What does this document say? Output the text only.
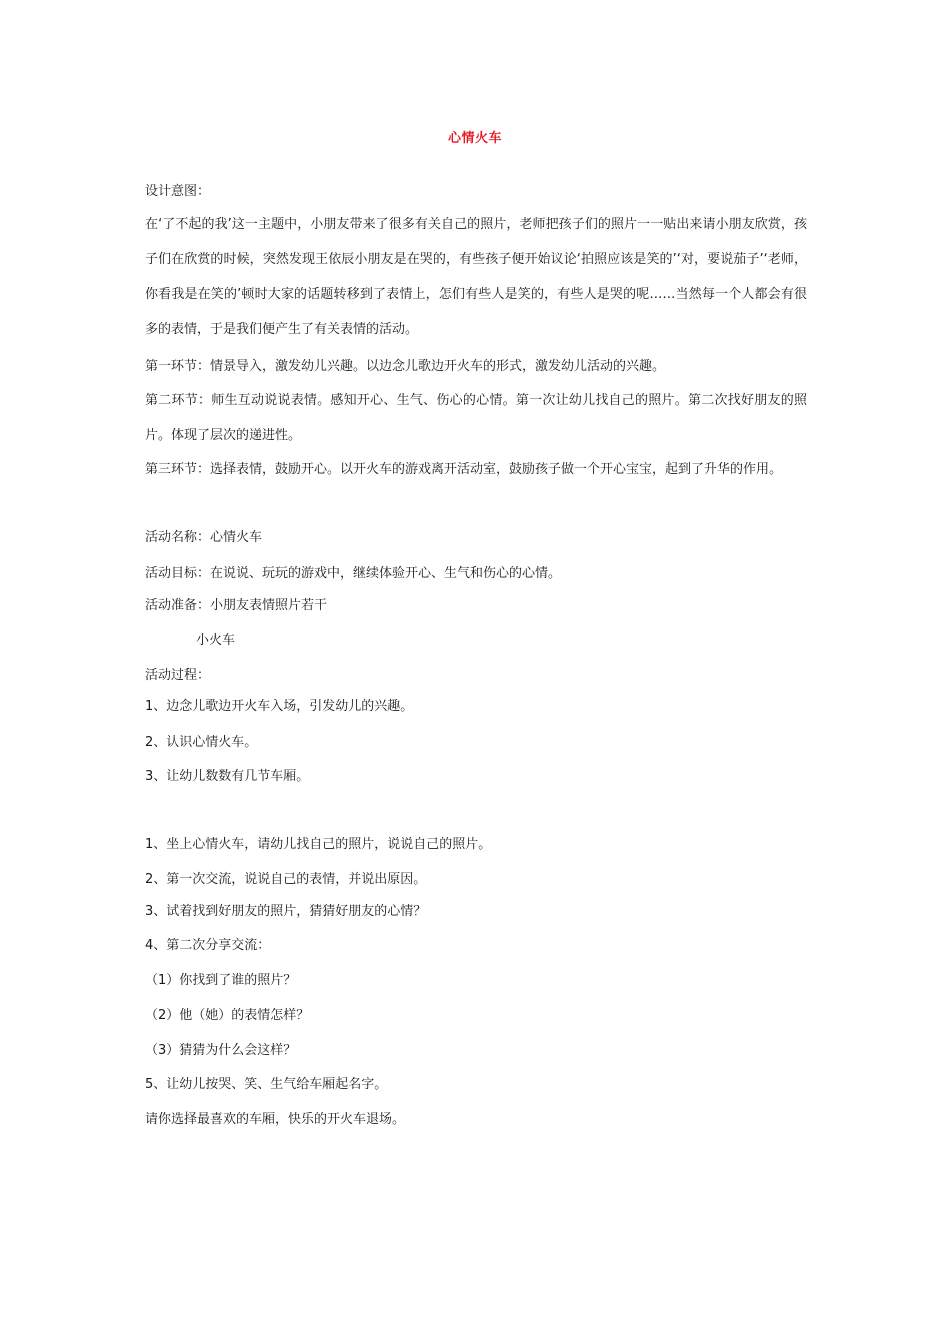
心情火车
设计意图：
在‘了不起的我’这一主题中，小朋友带来了很多有关自己的照片，老师把孩子们的照片一一贴出来请小朋友欣赏，孩子们在欣赏的时候，突然发现王依辰小朋友是在哭的，有些孩子便开始议论‘拍照应该是笑的’‘对，要说茄子’‘老师，你看我是在笑的’顿时大家的话题转移到了表情上，怎们有些人是笑的，有些人是哭的呢……当然每一个人都会有很多的表情，于是我们便产生了有关表情的活动。
第一环节：情景导入，激发幼儿兴趣。以边念儿歌边开火车的形式，激发幼儿活动的兴趣。
第二环节：师生互动说说表情。感知开心、生气、伤心的心情。第一次让幼儿找自己的照片。第二次找好朋友的照片。体现了层次的递进性。
第三环节：选择表情，鼓励开心。以开火车的游戏离开活动室，鼓励孩子做一个开心宝宝，起到了升华的作用。
活动名称：心情火车
活动目标：在说说、玩玩的游戏中，继续体验开心、生气和伤心的心情。
活动准备：小朋友表情照片若干
小火车
活动过程：
1、边念儿歌边开火车入场，引发幼儿的兴趣。
2、认识心情火车。
3、让幼儿数数有几节车厢。
1、坐上心情火车，请幼儿找自己的照片，说说自己的照片。
2、第一次交流，说说自己的表情，并说出原因。
3、试着找到好朋友的照片，猜猜好朋友的心情？
4、第二次分享交流：
（1）你找到了谁的照片？
（2）他（她）的表情怎样？
（3）猜猜为什么会这样？
5、让幼儿按哭、笑、生气给车厢起名字。
请你选择最喜欢的车厢，快乐的开火车退场。
